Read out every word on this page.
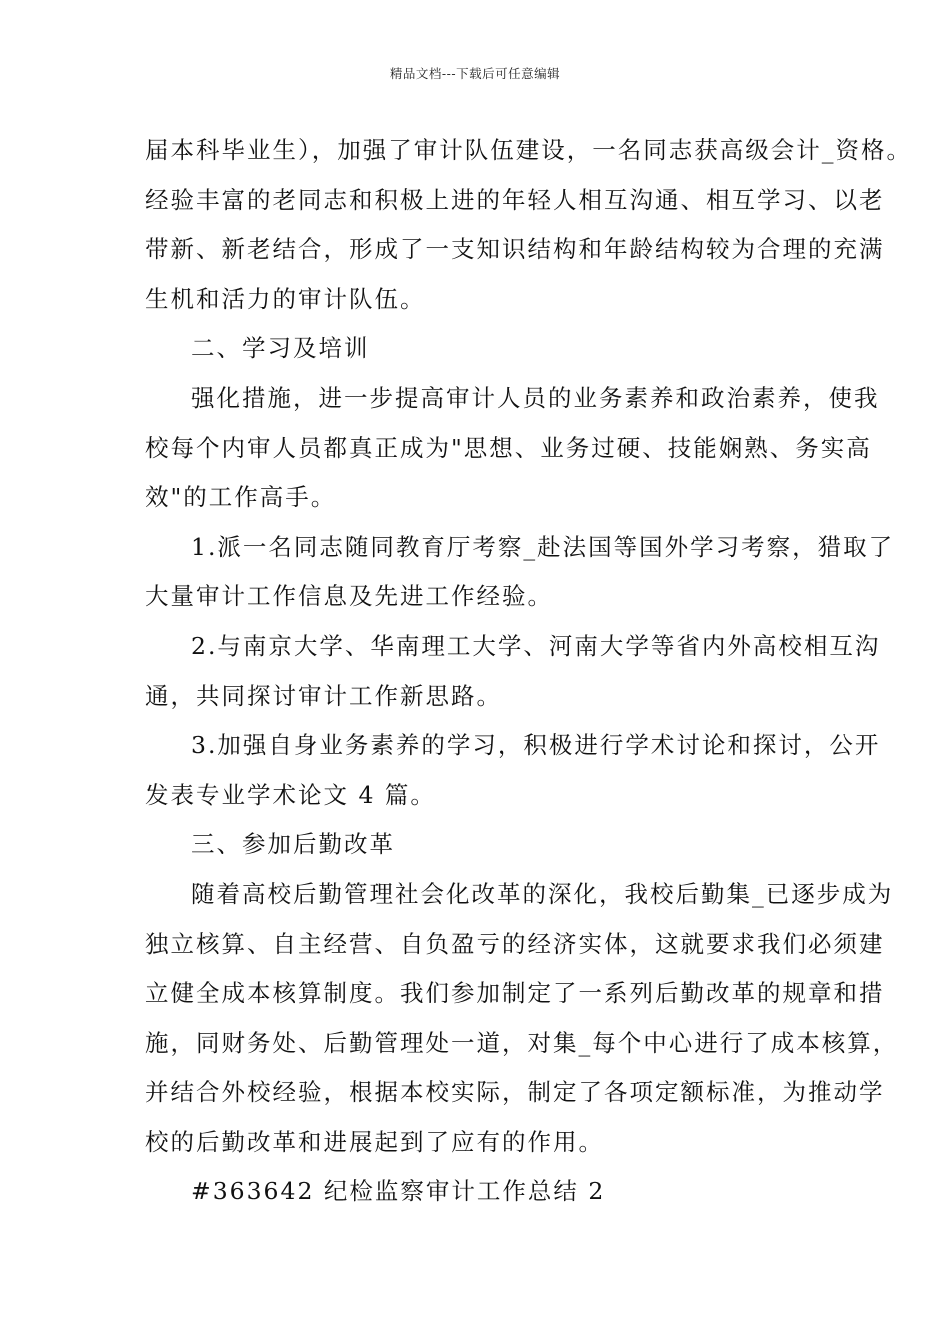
精品文档---下载后可任意编辑
届本科毕业生），加强了审计队伍建设，一名同志获高级会计_资格。
经验丰富的老同志和积极上进的年轻人相互沟通、相互学习、以老
带新、新老结合，形成了一支知识结构和年龄结构较为合理的充满
生机和活力的审计队伍。
二、学习及培训
强化措施，进一步提高审计人员的业务素养和政治素养，使我
校每个内审人员都真正成为"思想、业务过硬、技能娴熟、务实高
效"的工作高手。
1.派一名同志随同教育厅考察_赴法国等国外学习考察，猎取了
大量审计工作信息及先进工作经验。
2.与南京大学、华南理工大学、河南大学等省内外高校相互沟
通，共同探讨审计工作新思路。
3.加强自身业务素养的学习，积极进行学术讨论和探讨，公开
发表专业学术论文 4 篇。
三、参加后勤改革
随着高校后勤管理社会化改革的深化，我校后勤集_已逐步成为
独立核算、自主经营、自负盈亏的经济实体，这就要求我们必须建
立健全成本核算制度。我们参加制定了一系列后勤改革的规章和措
施，同财务处、后勤管理处一道，对集_每个中心进行了成本核算，
并结合外校经验，根据本校实际，制定了各项定额标准，为推动学
校的后勤改革和进展起到了应有的作用。
#363642 纪检监察审计工作总结 2
